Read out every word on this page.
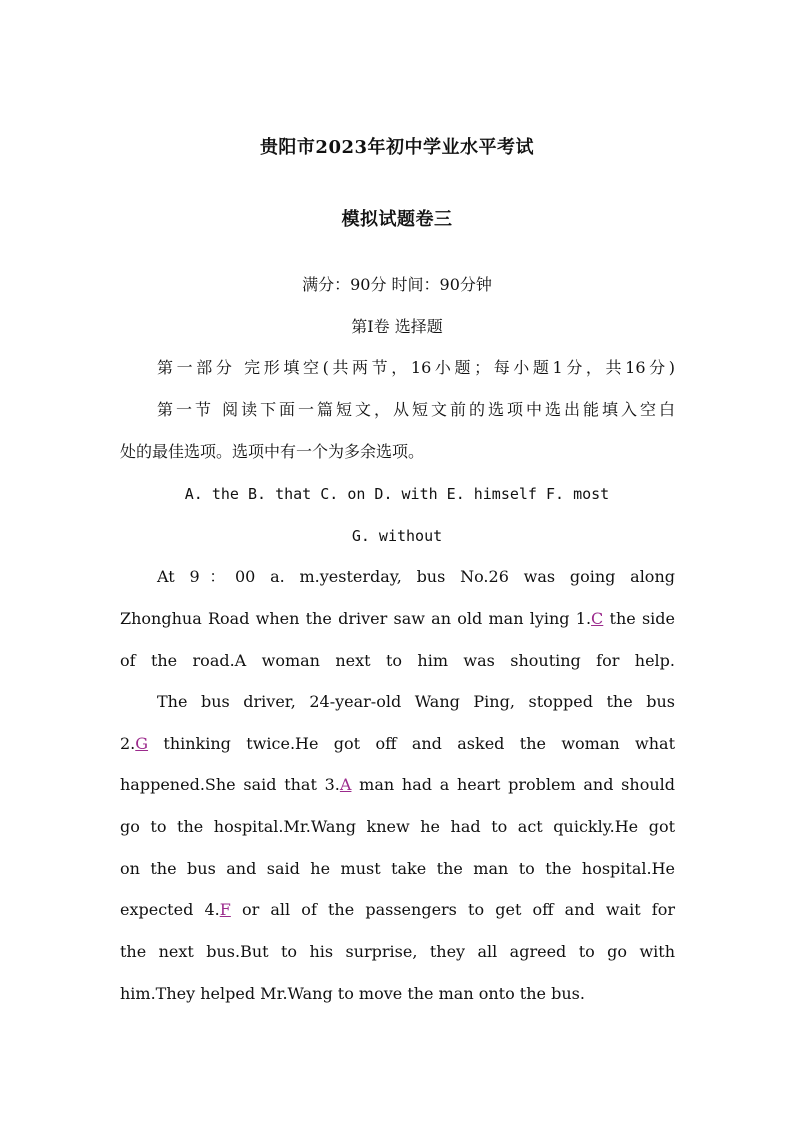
贵阳市2023年初中学业水平考试
模拟试题卷三
满分：90分 时间：90分钟
第Ⅰ卷 选择题
第一部分 完形填空(共两节，16小题；每小题1分，共16分)
第一节 阅读下面一篇短文，从短文前的选项中选出能填入空白
处的最佳选项。选项中有一个为多余选项。
A. the B. that C. on D. with E. himself F. most
G. without
At 9：00 a. m.yesterday, bus No.26 was going along
Zhonghua Road when the driver saw an old man lying 1.C the side
of the road.A woman next to him was shouting for help.
The bus driver, 24-year-old Wang Ping, stopped the bus
2.G thinking twice.He got off and asked the woman what
happened.She said that 3.A man had a heart problem and should
go to the hospital.Mr.Wang knew he had to act quickly.He got
on the bus and said he must take the man to the hospital.He
expected 4.F or all of the passengers to get off and wait for
the next bus.But to his surprise, they all agreed to go with
him.They helped Mr.Wang to move the man onto the bus.
